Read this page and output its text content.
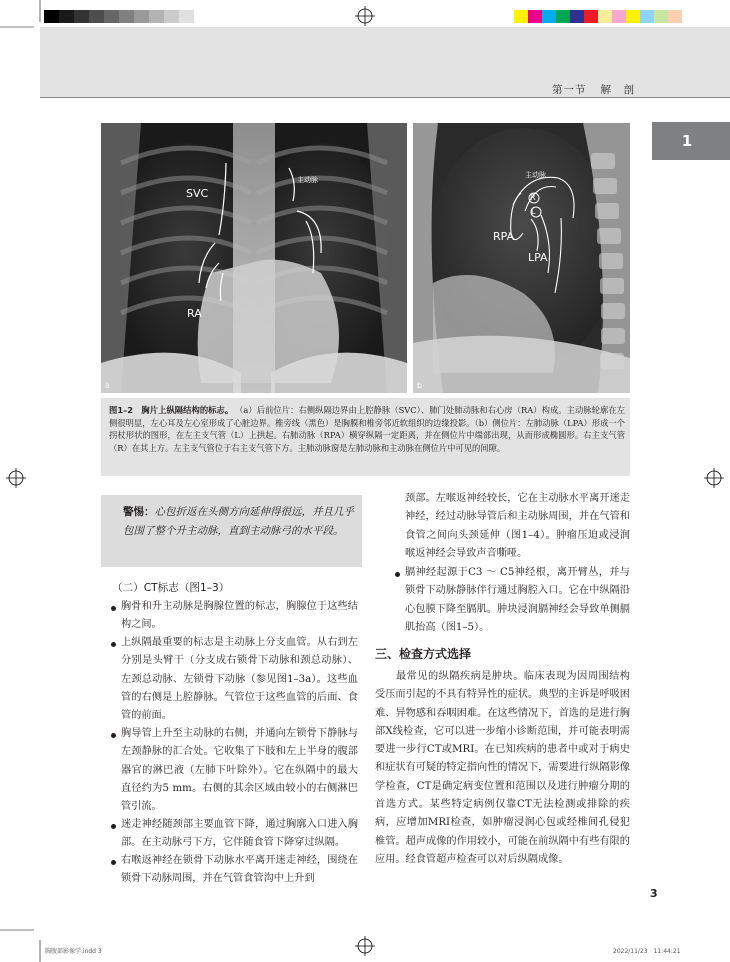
第一节 解　剖
1
SVC
主动脉
RA
a
主动脉
R
L
RPA
LPA
b
图1–2　胸片上纵隔结构的标志。 （a）后前位片：右侧纵隔边界由上腔静脉（SVC）、肺门处肺动脉和右心房（RA）构成。主动脉轮廓在左侧很明显，左心耳及左心室形成了心脏边界。椎旁线（黑色）是胸膜和椎旁邻近软组织的边缘投影。（b）侧位片：左肺动脉（LPA）形成一个拐杖形状的图形，在左主支气管（L）上拱起。右肺动脉（RPA）横穿纵隔一定距离，并在侧位片中端部出现，从而形成椭圆形。右主支气管（R）在其上方。左主支气管位于右主支气管下方。主肺动脉窗是左肺动脉和主动脉在侧位片中可见的间隙。
警惕：心包折返在头侧方向延伸得很远，并且几乎包围了整个升主动脉，直到主动脉弓的水平段。
（二）CT标志（图1–3）
胸骨和升主动脉是胸腺位置的标志，胸腺位于这些结构之间。
上纵隔最重要的标志是主动脉上分支血管。从右到左分别是头臂干（分支成右锁骨下动脉和颈总动脉）、左颈总动脉、左锁骨下动脉（参见图1–3a）。这些血管的右侧是上腔静脉。气管位于这些血管的后面、食管的前面。
胸导管上升至主动脉的右侧，并通向左锁骨下静脉与左颈静脉的汇合处。它收集了下肢和左上半身的腹部器官的淋巴液（左肺下叶除外）。它在纵隔中的最大直径约为5 mm。右侧的其余区域由较小的右侧淋巴管引流。
迷走神经随颈部主要血管下降，通过胸廓入口进入胸部。在主动脉弓下方，它伴随食管下降穿过纵隔。
右喉返神经在锁骨下动脉水平离开迷走神经，围绕在锁骨下动脉周围，并在气管食管沟中上升到
颈部。左喉返神经较长，它在主动脉水平离开迷走神经，经过动脉导管后和主动脉周围，并在气管和食管之间向头颈延伸（图1–4）。肿瘤压迫或浸润喉返神经会导致声音嘶哑。
膈神经起源于C3 ～ C5神经根，离开臂丛，并与锁骨下动脉静脉伴行通过胸腔入口。它在中纵隔沿心包膜下降至膈肌。肿块浸润膈神经会导致单侧膈肌抬高（图1–5）。
三、检查方式选择
最常见的纵隔疾病是肿块。临床表现为因周围结构受压而引起的不具有特异性的症状。典型的主诉是呼吸困难、异物感和吞咽困难。在这些情况下，首选的是进行胸部X线检查，它可以进一步缩小诊断范围，并可能表明需要进一步行CT或MRI。在已知疾病的患者中或对于病史和症状有可疑的特定指向性的情况下，需要进行纵隔影像学检查，CT是确定病变位置和范围以及进行肿瘤分期的首选方式。某些特定病例仅靠CT无法检测或排除的疾病，应增加MRI检查，如肿瘤浸润心包或经椎间孔侵犯椎管。超声成像的作用较小，可能在前纵隔中有些有限的应用。经食管超声检查可以对后纵隔成像。
3
胸腹部影像学.indd 3	2022/11/23　11:44:21
